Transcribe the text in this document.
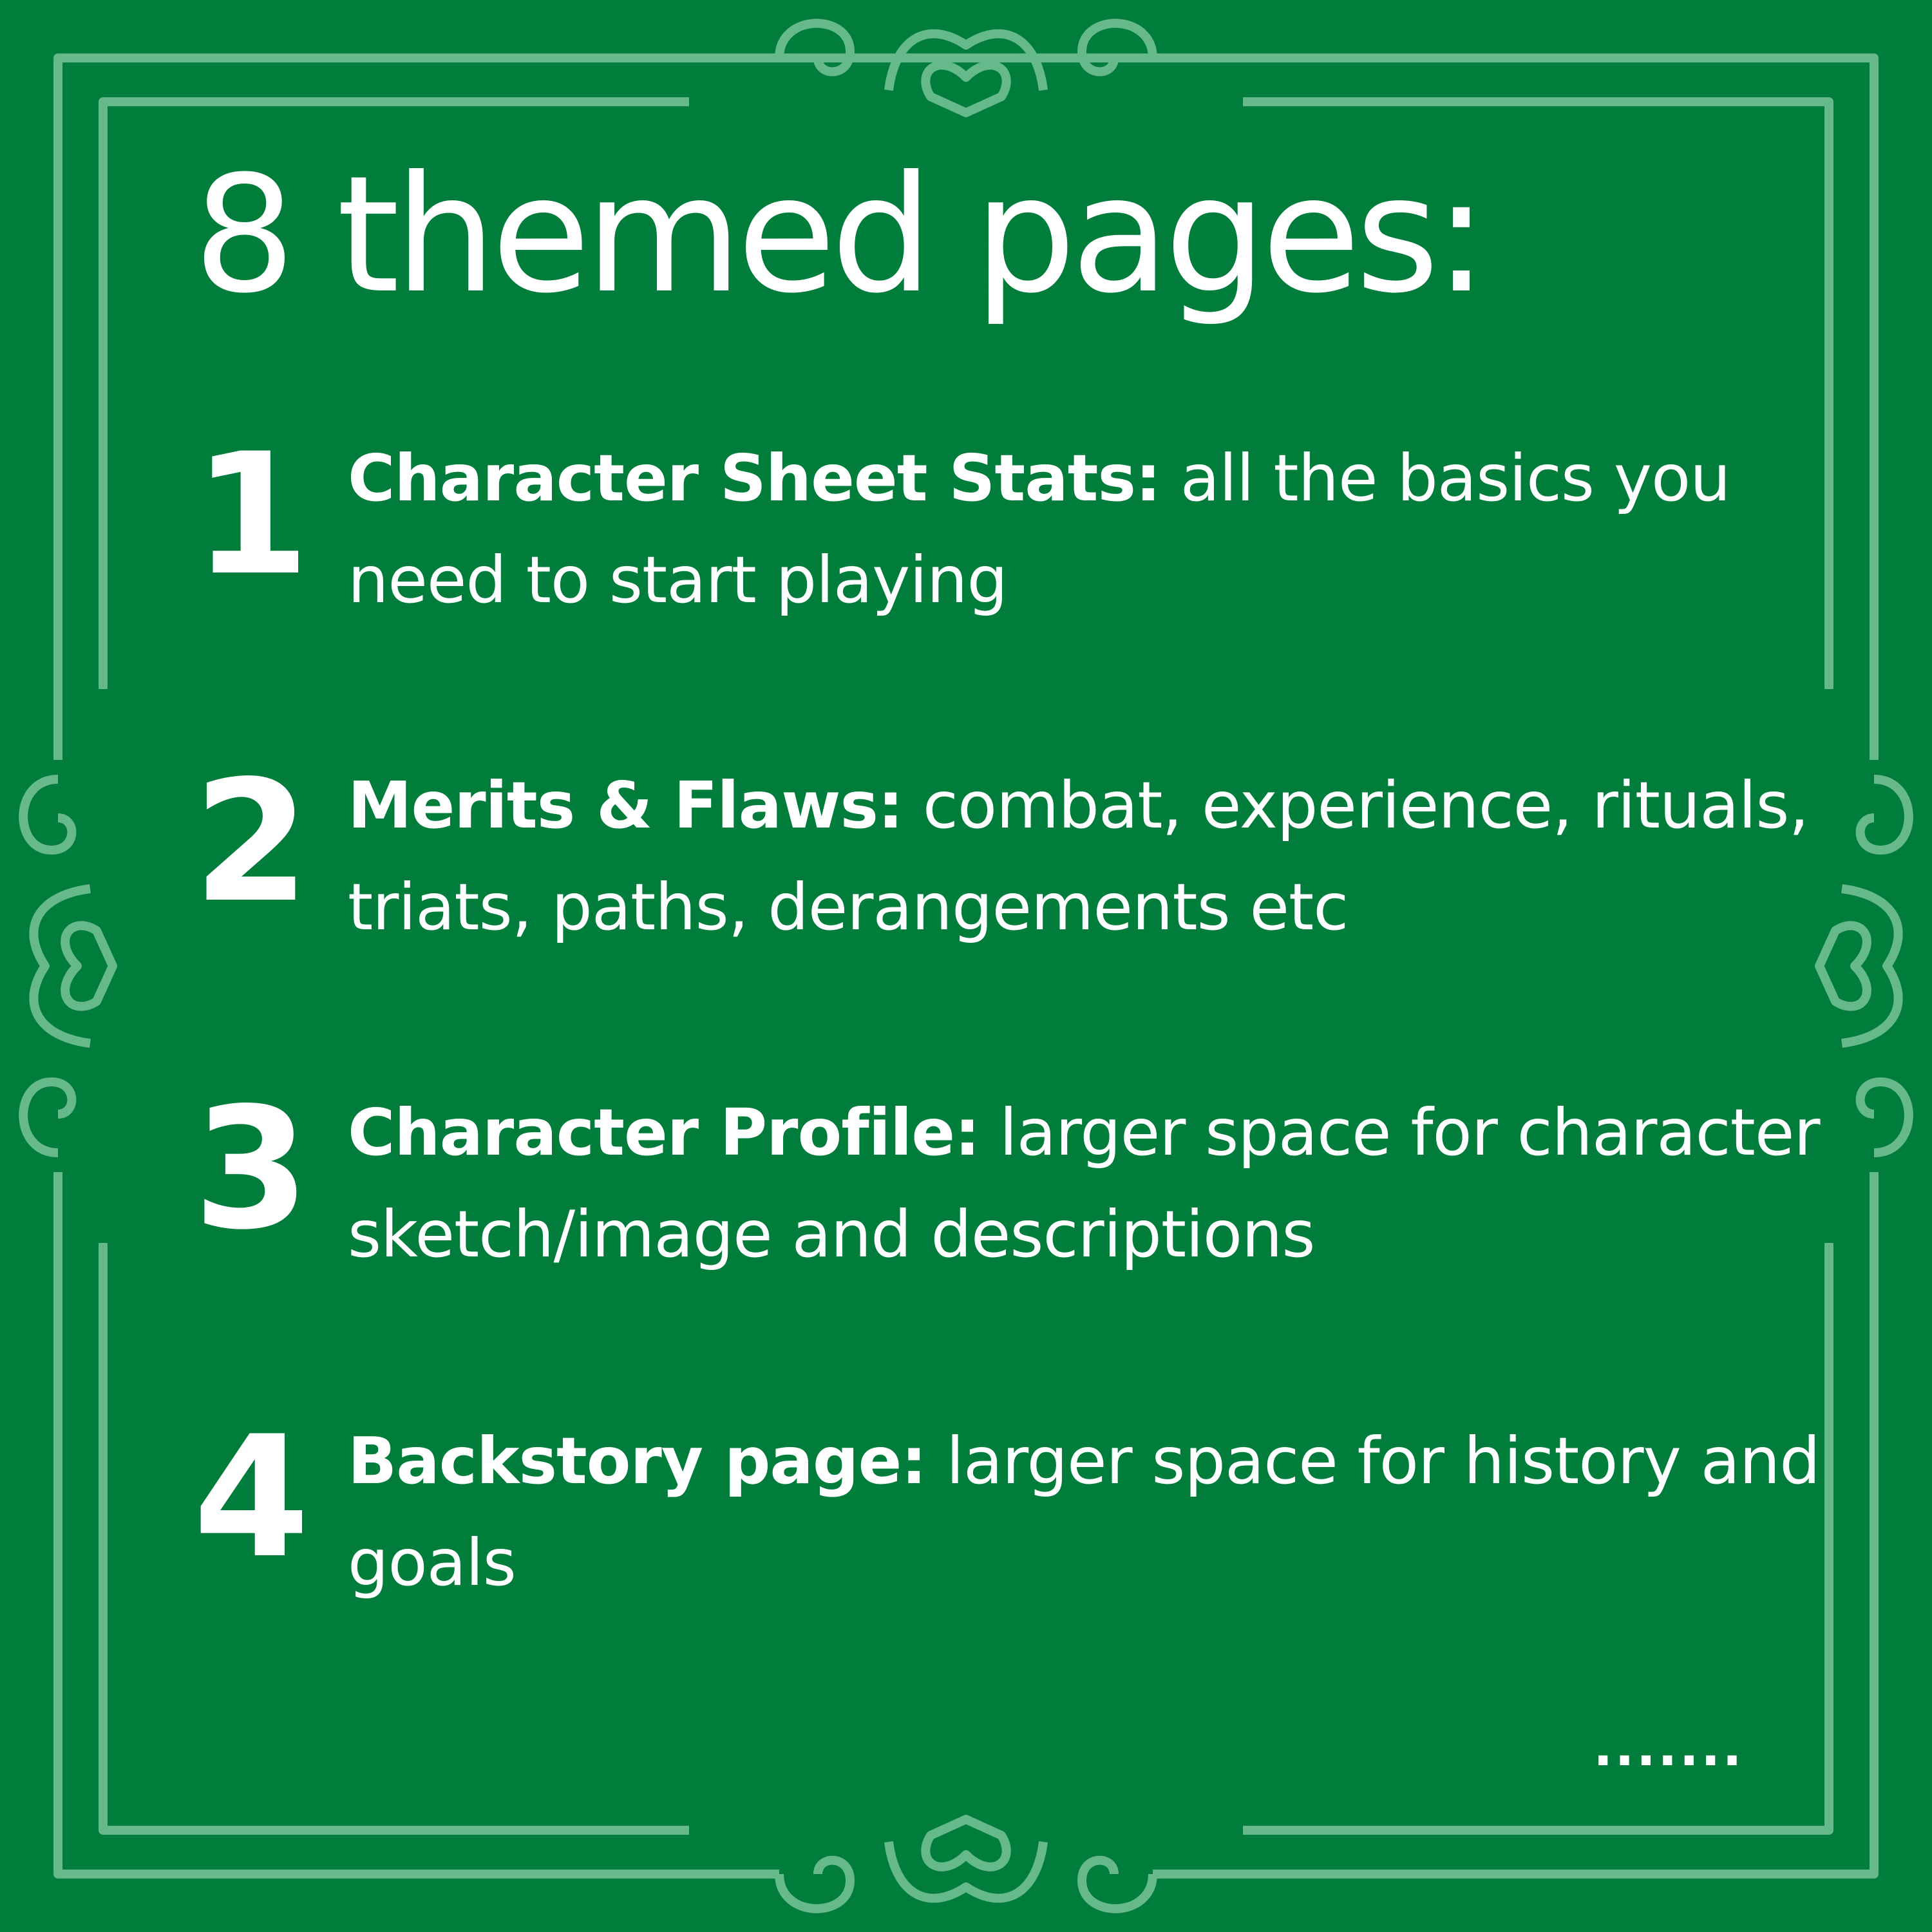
8 themed pages:
1 Character Sheet Stats: all the basics you need to start playing
2 Merits & Flaws: combat, experience, rituals, triats, paths, derangements etc
3 Character Profile: larger space for character sketch/image and descriptions
4 Backstory page: larger space for history and goals
.......
